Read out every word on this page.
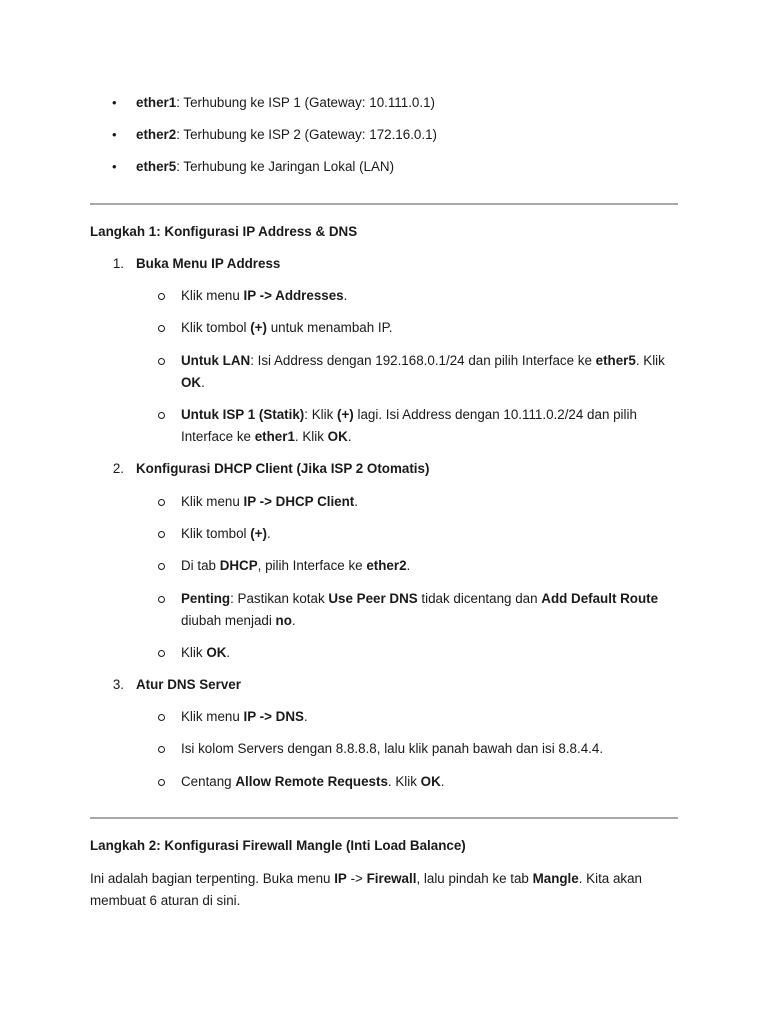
• ether1: Terhubung ke ISP 1 (Gateway: 10.111.0.1)
• ether2: Terhubung ke ISP 2 (Gateway: 172.16.0.1)
• ether5: Terhubung ke Jaringan Lokal (LAN)
Langkah 1: Konfigurasi IP Address & DNS
1. Buka Menu IP Address
Klik menu IP -> Addresses.
Klik tombol (+) untuk menambah IP.
Untuk LAN: Isi Address dengan 192.168.0.1/24 dan pilih Interface ke ether5. Klik
OK.
Untuk ISP 1 (Statik): Klik (+) lagi. Isi Address dengan 10.111.0.2/24 dan pilih
Interface ke ether1. Klik OK.
2. Konfigurasi DHCP Client (Jika ISP 2 Otomatis)
Klik menu IP -> DHCP Client.
Klik tombol (+).
Di tab DHCP, pilih Interface ke ether2.
Penting: Pastikan kotak Use Peer DNS tidak dicentang dan Add Default Route
diubah menjadi no.
Klik OK.
3. Atur DNS Server
Klik menu IP -> DNS.
Isi kolom Servers dengan 8.8.8.8, lalu klik panah bawah dan isi 8.8.4.4.
Centang Allow Remote Requests. Klik OK.
Langkah 2: Konfigurasi Firewall Mangle (Inti Load Balance)
Ini adalah bagian terpenting. Buka menu IP -> Firewall, lalu pindah ke tab Mangle. Kita akan
membuat 6 aturan di sini.
